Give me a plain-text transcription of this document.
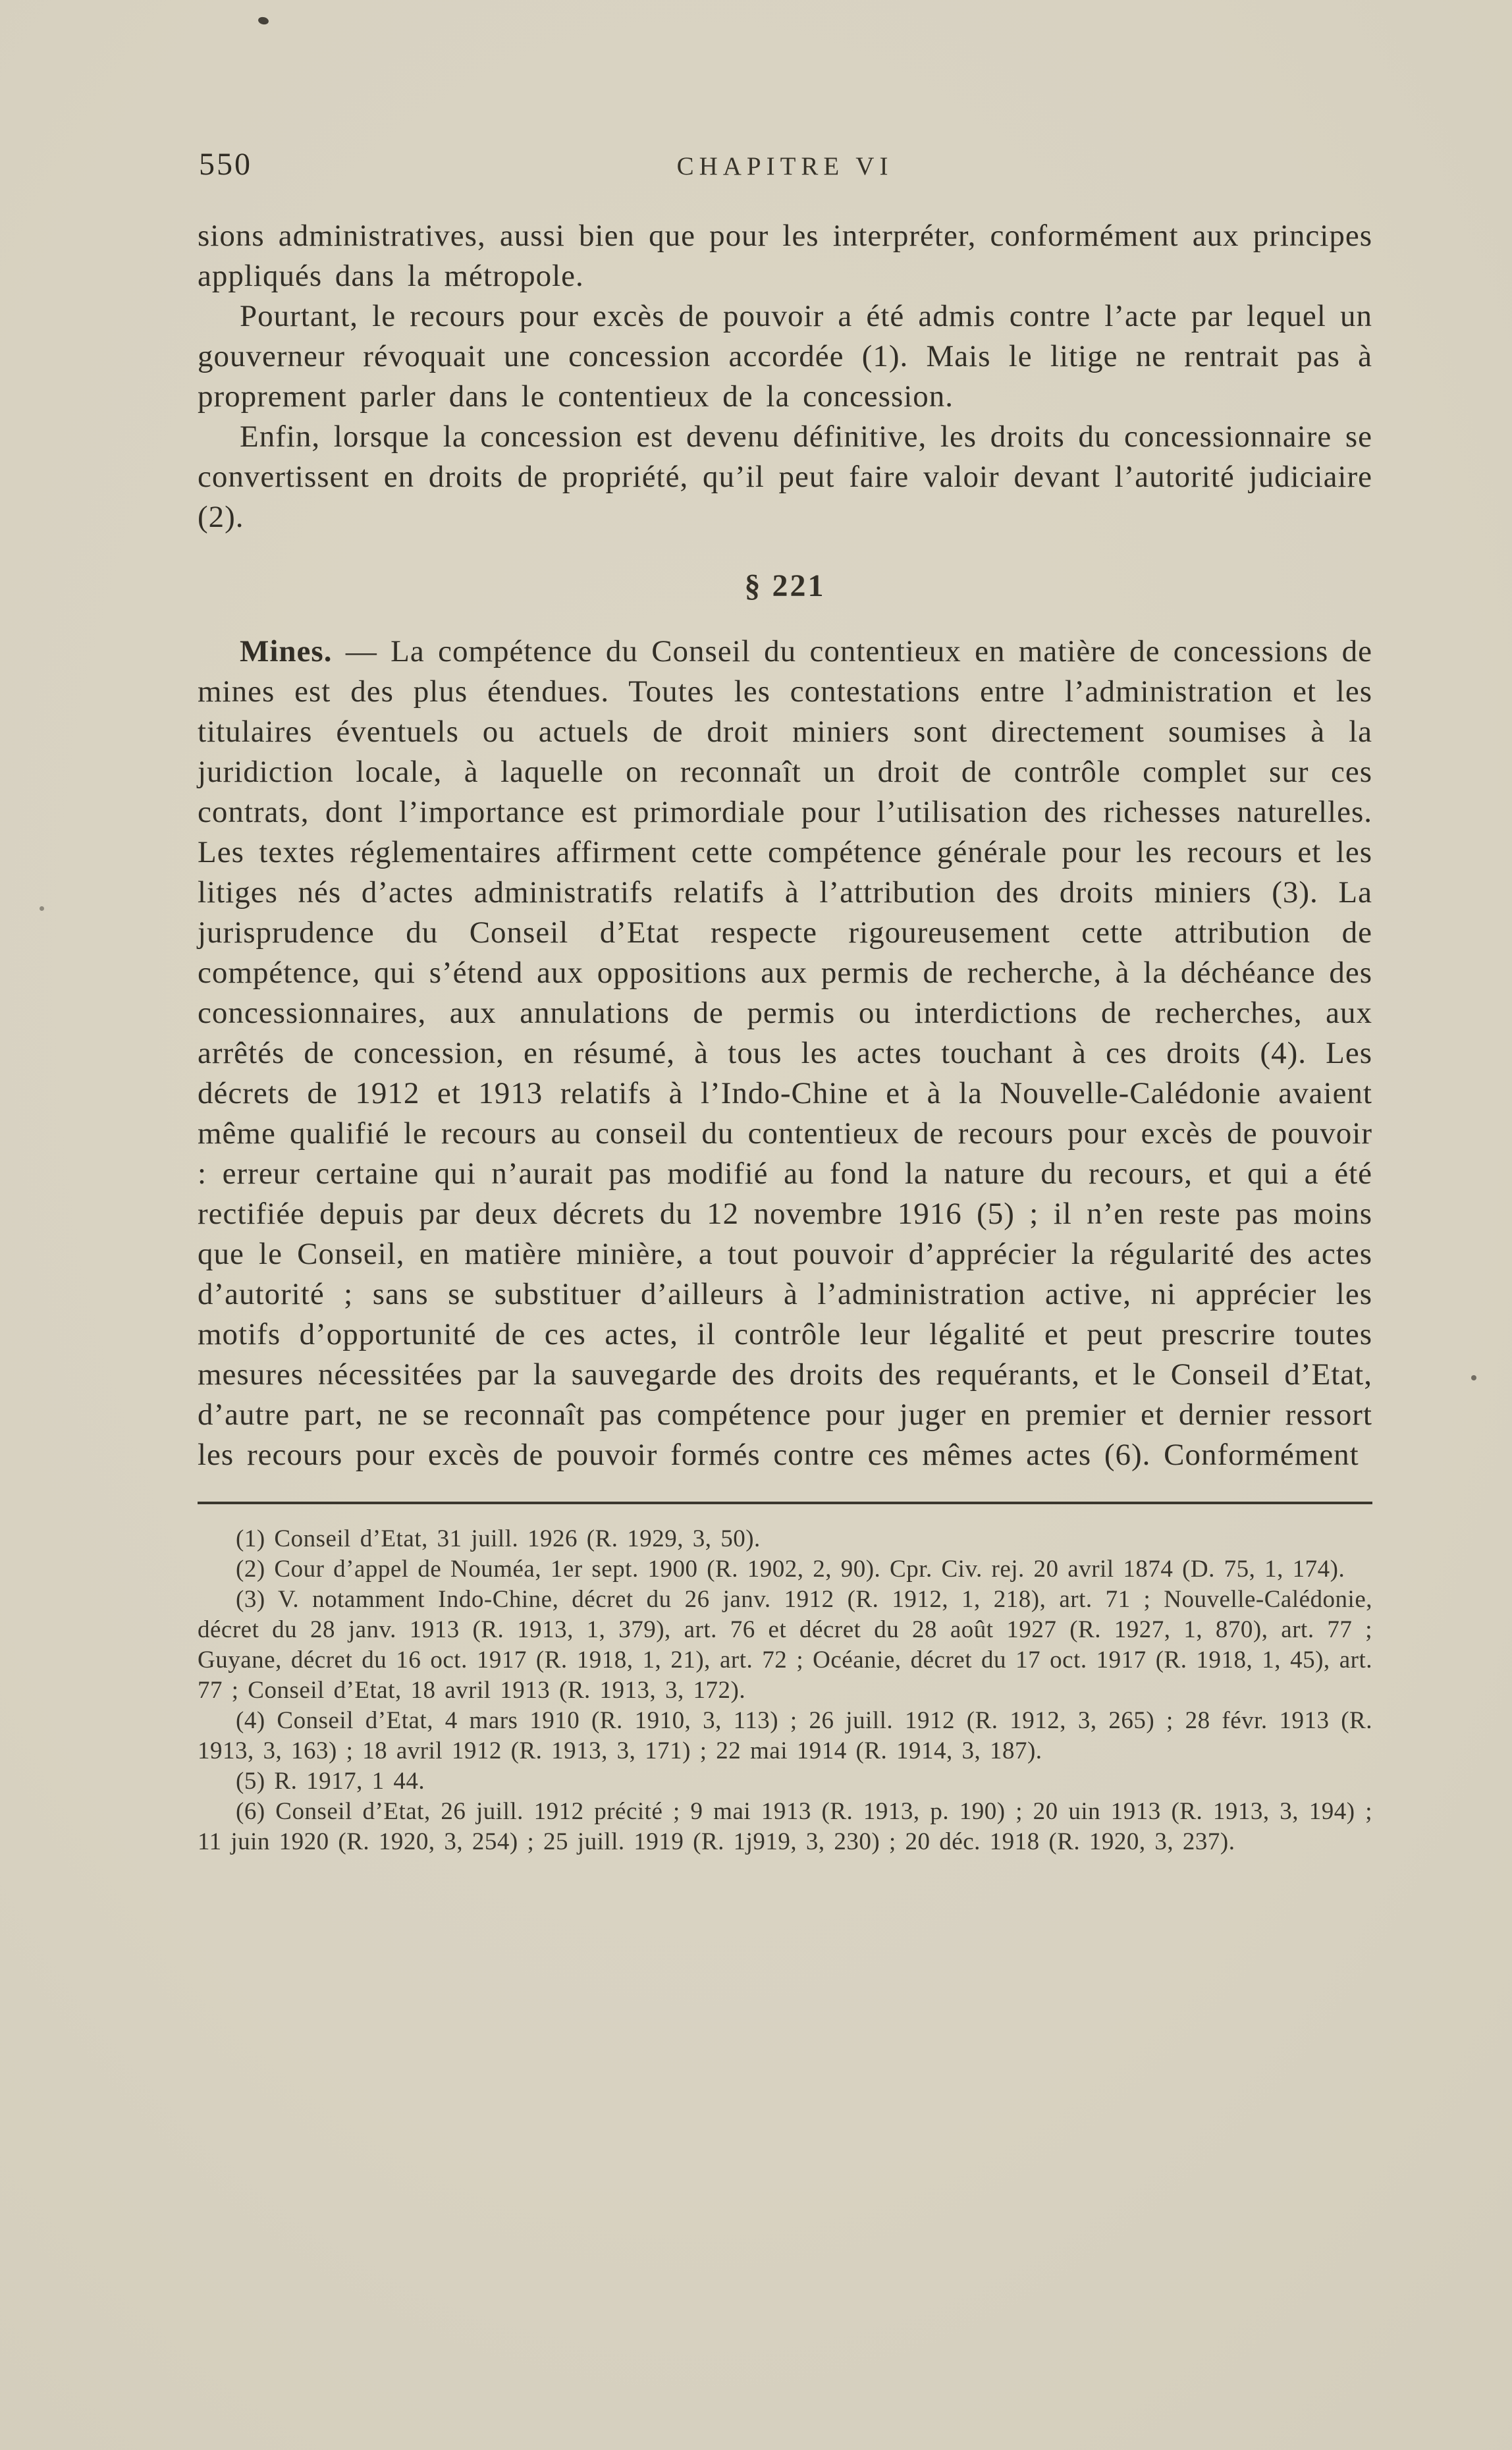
550	CHAPITRE VI

sions administratives, aussi bien que pour les interpréter, conformément aux principes appliqués dans la métropole.

Pourtant, le recours pour excès de pouvoir a été admis contre l’acte par lequel un gouverneur révoquait une concession accordée (1). Mais le litige ne rentrait pas à proprement parler dans le contentieux de la concession.

Enfin, lorsque la concession est devenu définitive, les droits du concessionnaire se convertissent en droits de propriété, qu’il peut faire valoir devant l’autorité judiciaire (2).

§ 221

Mines. — La compétence du Conseil du contentieux en matière de concessions de mines est des plus étendues. Toutes les contestations entre l’administration et les titulaires éventuels ou actuels de droit miniers sont directement soumises à la juridiction locale, à laquelle on reconnaît un droit de contrôle complet sur ces contrats, dont l’importance est primordiale pour l’utilisation des richesses naturelles. Les textes réglementaires affirment cette compétence générale pour les recours et les litiges nés d’actes administratifs relatifs à l’attribution des droits miniers (3). La jurisprudence du Conseil d’Etat respecte rigoureusement cette attribution de compétence, qui s’étend aux oppositions aux permis de recherche, à la déchéance des concessionnaires, aux annulations de permis ou interdictions de recherches, aux arrêtés de concession, en résumé, à tous les actes touchant à ces droits (4). Les décrets de 1912 et 1913 relatifs à l’Indo-Chine et à la Nouvelle-Calédonie avaient même qualifié le recours au conseil du contentieux de recours pour excès de pouvoir : erreur certaine qui n’aurait pas modifié au fond la nature du recours, et qui a été rectifiée depuis par deux décrets du 12 novembre 1916 (5) ; il n’en reste pas moins que le Conseil, en matière minière, a tout pouvoir d’apprécier la régularité des actes d’autorité ; sans se substituer d’ailleurs à l’administration active, ni apprécier les motifs d’opportunité de ces actes, il contrôle leur légalité et peut prescrire toutes mesures nécessitées par la sauvegarde des droits des requérants, et le Conseil d’Etat, d’autre part, ne se reconnaît pas compétence pour juger en premier et dernier ressort les recours pour excès de pouvoir formés contre ces mêmes actes (6). Conformément

(1) Conseil d’Etat, 31 juill. 1926 (R. 1929, 3, 50).

(2) Cour d’appel de Nouméa, 1er sept. 1900 (R. 1902, 2, 90). Cpr. Civ. rej. 20 avril 1874 (D. 75, 1, 174).

(3) V. notamment Indo-Chine, décret du 26 janv. 1912 (R. 1912, 1, 218), art. 71 ; Nouvelle-Calédonie, décret du 28 janv. 1913 (R. 1913, 1, 379), art. 76 et décret du 28 août 1927 (R. 1927, 1, 870), art. 77 ; Guyane, décret du 16 oct. 1917 (R. 1918, 1, 21), art. 72 ; Océanie, décret du 17 oct. 1917 (R. 1918, 1, 45), art. 77 ; Conseil d’Etat, 18 avril 1913 (R. 1913, 3, 172).

(4) Conseil d’Etat, 4 mars 1910 (R. 1910, 3, 113) ; 26 juill. 1912 (R. 1912, 3, 265) ; 28 févr. 1913 (R. 1913, 3, 163) ; 18 avril 1912 (R. 1913, 3, 171) ; 22 mai 1914 (R. 1914, 3, 187).

(5) R. 1917, 1 44.

(6) Conseil d’Etat, 26 juill. 1912 précité ; 9 mai 1913 (R. 1913, p. 190) ; 20 uin 1913 (R. 1913, 3, 194) ; 11 juin 1920 (R. 1920, 3, 254) ; 25 juill. 1919 (R. 1j919, 3, 230) ; 20 déc. 1918 (R. 1920, 3, 237).
